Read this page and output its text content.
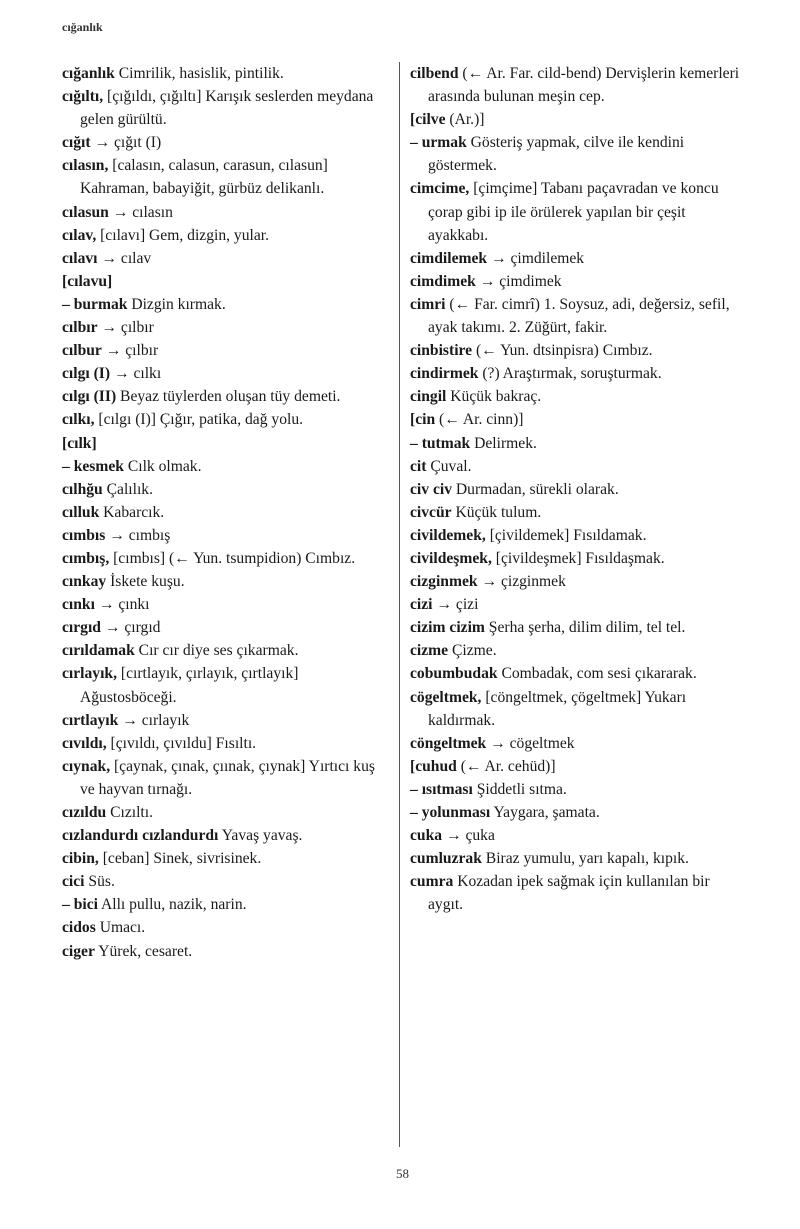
cığanlık

cığanlık Cimrilik, hasislik, pintilik.

cığıltı, [çığıldı, çığıltı] Karışık seslerden meydana gelen gürültü.

cığıt → çığıt (I)

cılasın, [calasın, calasun, carasun, cılasun] Kahraman, babayiğit, gürbüz delikanlı.

cılasun → cılasın

cılav, [cılavı] Gem, dizgin, yular.

cılavı → cılav

[cılavu]

– burmak Dizgin kırmak.

cılbır → çılbır

cılbur → çılbır

cılgı (I) → cılkı

cılgı (II) Beyaz tüylerden oluşan tüy demeti.

cılkı, [cılgı (I)] Çığır, patika, dağ yolu.

[cılk]

– kesmek Cılk olmak.

cılhğu Çalılık.

cılluk Kabarcık.

cımbıs → cımbış

cımbış, [cımbıs] (← Yun. tsumpidion) Cımbız.

cınkay İskete kuşu.

cınkı → çınkı

cırgıd → çırgıd

cırıldamak Cır cır diye ses çıkarmak.

cırlayık, [cırtlayık, çırlayık, çırtlayık] Ağustosböceği.

cırtlayık → cırlayık

cıvıldı, [çıvıldı, çıvıldu] Fısıltı.

cıynak, [çaynak, çınak, çıınak, çıynak] Yırtıcı kuş ve hayvan tırnağı.

cızıldu Cızıltı.

cızlandurdı cızlandurdı Yavaş yavaş.

cibin, [ceban] Sinek, sivrisinek.

cici Süs.

– bici Allı pullu, nazik, narin.

cidos Umacı.

ciger Yürek, cesaret.

cilbend (← Ar. Far. cild-bend) Dervişlerin kemerleri arasında bulunan meşin cep.

[cilve (Ar.)]

– urmak Gösteriş yapmak, cilve ile kendini göstermek.

cimcime, [çimçime] Tabanı paçavradan ve koncu çorap gibi ip ile örülerek yapılan bir çeşit ayakkabı.

cimdilemek → çimdilemek

cimdimek → çimdimek

cimri (← Far. cimrî) 1. Soysuz, adi, değersiz, sefil, ayak takımı. 2. Züğürt, fakir.

cinbistire (← Yun. dtsinpisra) Cımbız.

cindirmek (?) Araştırmak, soruşturmak.

cingil Küçük bakraç.

[cin (← Ar. cinn)]

– tutmak Delirmek.

cit Çuval.

civ civ Durmadan, sürekli olarak.

civcür Küçük tulum.

civildemek, [çivildemek] Fısıldamak.

civildeşmek, [çivildeşmek] Fısıldaşmak.

cizginmek → çizginmek

cizi → çizi

cizim cizim Şerha şerha, dilim dilim, tel tel.

cizme Çizme.

cobumbudak Combadak, com sesi çıkararak.

cögeltmek, [cöngeltmek, çögeltmek] Yukarı kaldırmak.

cöngeltmek → cögeltmek

[cuhud (← Ar. cehüd)]

– ısıtması Şiddetli sıtma.

– yolunması Yaygara, şamata.

cuka → çuka

cumluzrak Biraz yumulu, yarı kapalı, kıpık.

cumra Kozadan ipek sağmak için kullanılan bir aygıt.

58
